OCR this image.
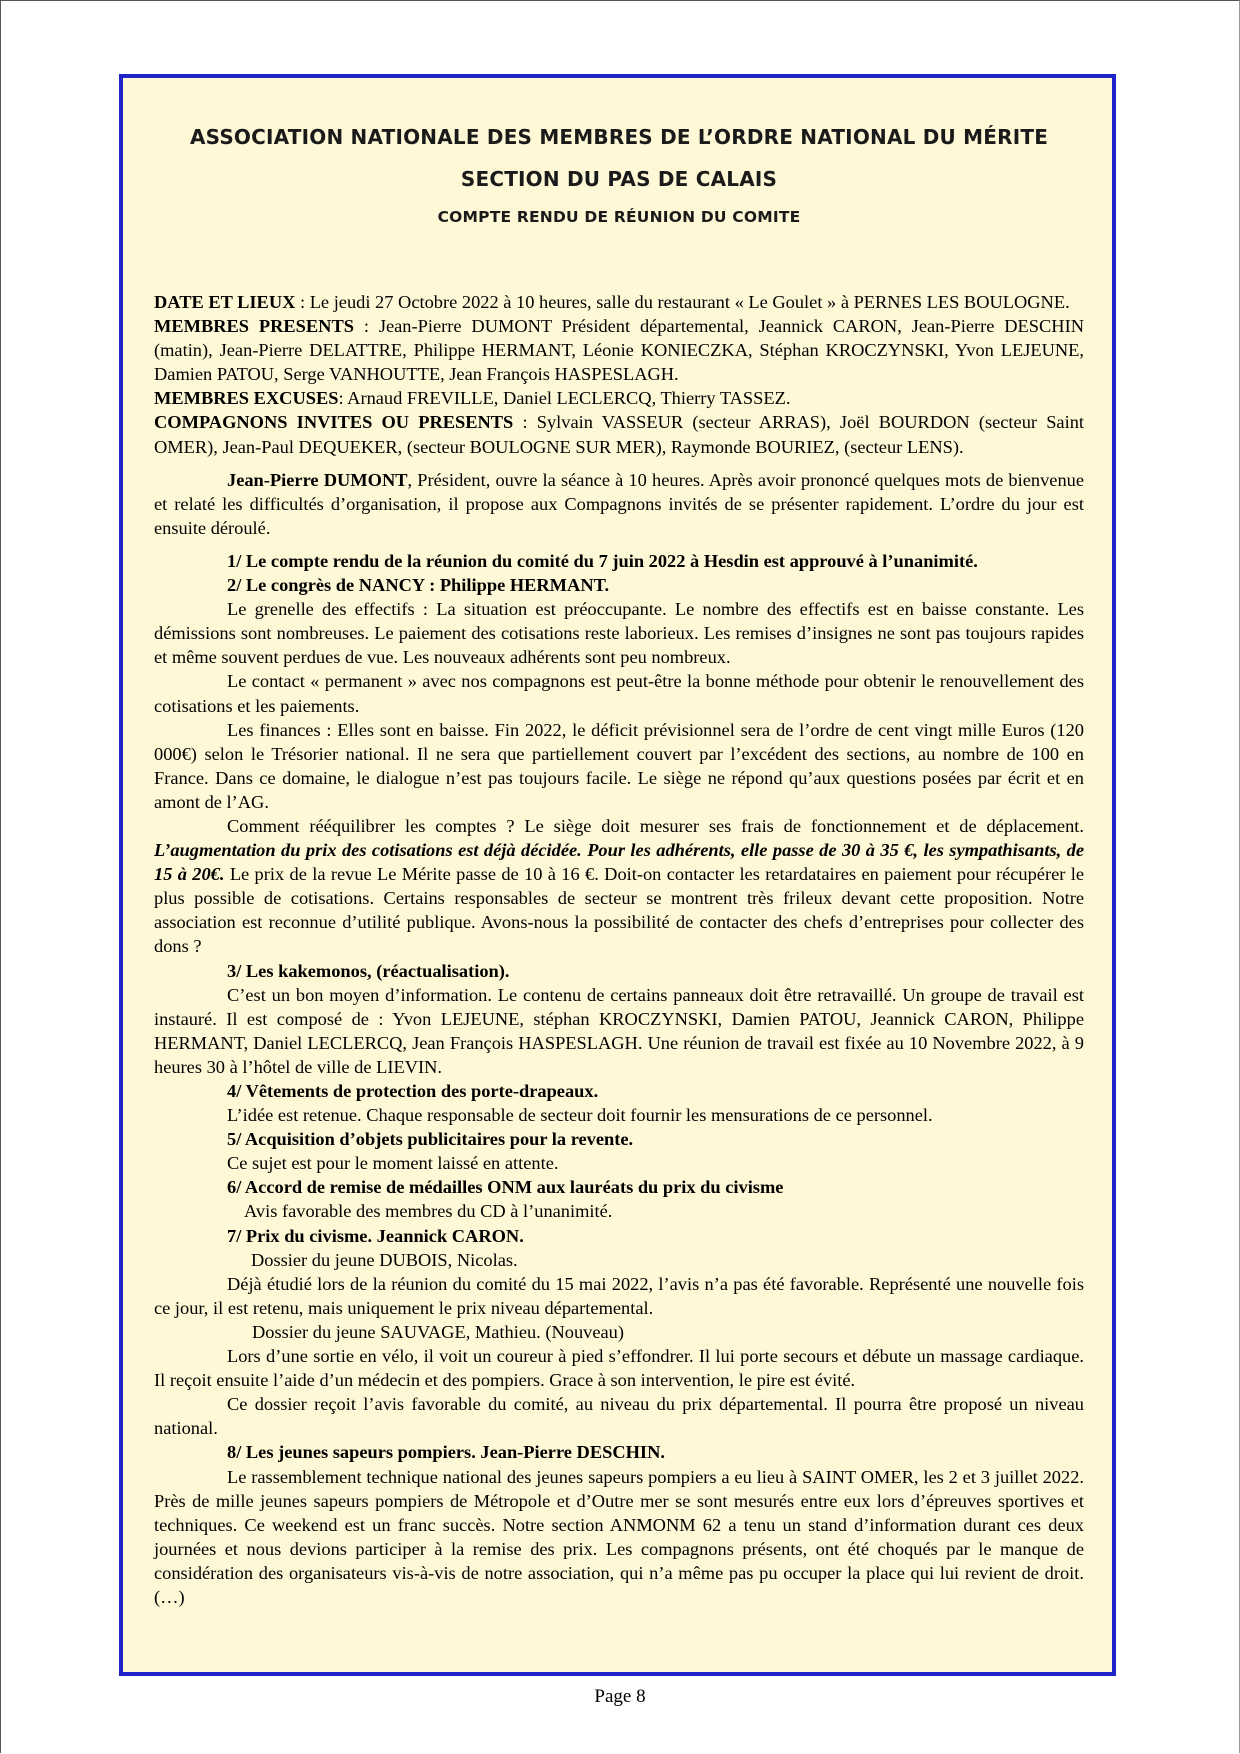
ASSOCIATION NATIONALE DES MEMBRES DE L’ORDRE NATIONAL DU MÉRITE
SECTION DU PAS DE CALAIS
COMPTE RENDU DE RÉUNION DU COMITE

DATE ET LIEUX : Le jeudi 27 Octobre 2022 à 10 heures, salle du restaurant « Le Goulet » à PERNES LES BOULOGNE.

MEMBRES PRESENTS : Jean-Pierre DUMONT Président départemental, Jeannick CARON, Jean-Pierre DESCHIN (matin), Jean-Pierre DELATTRE, Philippe HERMANT, Léonie KONIECZKA, Stéphan KROCZYNSKI, Yvon LEJEUNE, Damien PATOU, Serge VANHOUTTE, Jean François HASPESLAGH.

MEMBRES EXCUSES: Arnaud FREVILLE, Daniel LECLERCQ, Thierry TASSEZ.

COMPAGNONS INVITES OU PRESENTS : Sylvain VASSEUR (secteur ARRAS), Joël BOURDON (secteur Saint OMER), Jean-Paul DEQUEKER, (secteur BOULOGNE SUR MER), Raymonde BOURIEZ, (secteur LENS).

Jean-Pierre DUMONT, Président, ouvre la séance à 10 heures. Après avoir prononcé quelques mots de bienvenue et relaté les difficultés d’organisation, il propose aux Compagnons invités de se présenter rapidement. L’ordre du jour est ensuite déroulé.

1/ Le compte rendu de la réunion du comité du 7 juin 2022 à Hesdin est approuvé à l’unanimité.

2/ Le congrès de NANCY : Philippe HERMANT.

Le grenelle des effectifs : La situation est préoccupante. Le nombre des effectifs est en baisse constante. Les démissions sont nombreuses. Le paiement des cotisations reste laborieux. Les remises d’insignes ne sont pas toujours rapides et même souvent perdues de vue. Les nouveaux adhérents sont peu nombreux.

Le contact « permanent » avec nos compagnons est peut-être la bonne méthode pour obtenir le renouvellement des cotisations et les paiements.

Les finances : Elles sont en baisse. Fin 2022, le déficit prévisionnel sera de l’ordre de cent vingt mille Euros (120 000€) selon le Trésorier national. Il ne sera que partiellement couvert par l’excédent des sections, au nombre de 100 en France. Dans ce domaine, le dialogue n’est pas toujours facile. Le siège ne répond qu’aux questions posées par écrit et en amont de l’AG.

Comment rééquilibrer les comptes ? Le siège doit mesurer ses frais de fonctionnement et de déplacement. L’augmentation du prix des cotisations est déjà décidée. Pour les adhérents, elle passe de 30 à 35 €, les sympathisants, de 15 à 20€. Le prix de la revue Le Mérite passe de 10 à 16 €. Doit-on contacter les retardataires en paiement pour récupérer le plus possible de cotisations. Certains responsables de secteur se montrent très frileux devant cette proposition. Notre association est reconnue d’utilité publique. Avons-nous la possibilité de contacter des chefs d’entreprises pour collecter des dons ?

3/ Les kakemonos, (réactualisation).

C’est un bon moyen d’information. Le contenu de certains panneaux doit être retravaillé. Un groupe de travail est instauré. Il est composé de : Yvon LEJEUNE, stéphan KROCZYNSKI, Damien PATOU, Jeannick CARON, Philippe HERMANT, Daniel LECLERCQ, Jean François HASPESLAGH. Une réunion de travail est fixée au 10 Novembre 2022, à 9 heures 30 à l’hôtel de ville de LIEVIN.

4/ Vêtements de protection des porte-drapeaux.

L’idée est retenue. Chaque responsable de secteur doit fournir les mensurations de ce personnel.

5/ Acquisition d’objets publicitaires pour la revente.

Ce sujet est pour le moment laissé en attente.

6/ Accord de remise de médailles ONM aux lauréats du prix du civisme

Avis favorable des membres du CD à l’unanimité.

7/ Prix du civisme. Jeannick CARON.

Dossier du jeune DUBOIS, Nicolas.

Déjà étudié lors de la réunion du comité du 15 mai 2022, l’avis n’a pas été favorable. Représenté une nouvelle fois ce jour, il est retenu, mais uniquement le prix niveau départemental.

Dossier du jeune SAUVAGE, Mathieu. (Nouveau)

Lors d’une sortie en vélo, il voit un coureur à pied s’effondrer. Il lui porte secours et débute un massage cardiaque. Il reçoit ensuite l’aide d’un médecin et des pompiers. Grace à son intervention, le pire est évité.

Ce dossier reçoit l’avis favorable du comité, au niveau du prix départemental. Il pourra être proposé un niveau national.

8/ Les jeunes sapeurs pompiers. Jean-Pierre DESCHIN.

Le rassemblement technique national des jeunes sapeurs pompiers a eu lieu à SAINT OMER, les 2 et 3 juillet 2022. Près de mille jeunes sapeurs pompiers de Métropole et d’Outre mer se sont mesurés entre eux lors d’épreuves sportives et techniques. Ce weekend est un franc succès. Notre section ANMONM 62 a tenu un stand d’information durant ces deux journées et nous devions participer à la remise des prix. Les compagnons présents, ont été choqués par le manque de considération des organisateurs vis-à-vis de notre association, qui n’a même pas pu occuper la place qui lui revient de droit. (…)

Page 8
